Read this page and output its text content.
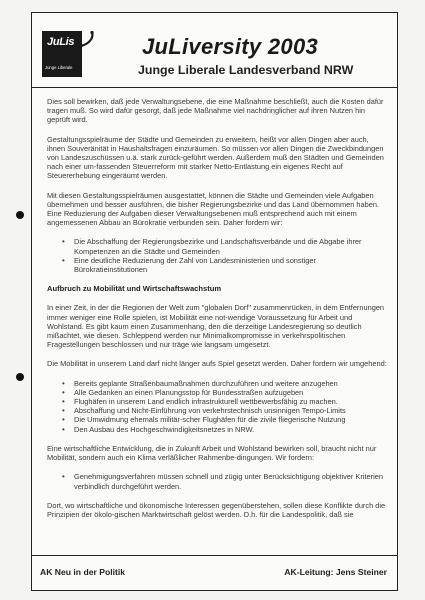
JuLis
Junge Liberale
JuLiversity 2003
Junge Liberale Landesverband NRW

Dies soll bewirken, daß jede Verwaltungsebene, die eine Maßnahme beschließt, auch die Kosten dafür tragen muß. So wird dafür gesorgt, daß jede Maßnahme viel nachdringlicher auf ihren Nutzen hin geprüft wird.

Gestaltungsspielräume der Städte und Gemeinden zu erweitern, heißt vor allen Dingen aber auch, ihnen Souveränität in Haushaltsfragen einzuräumen. So müssen vor allen Dingen die Zweckbindungen von Landeszuschüssen u.ä. stark zurück-geführt werden. Außerdem muß den Städten und Gemeinden nach einer um-fassenden Steuerreform mit starker Netto-Entlastung ein eigenes Recht auf Steuererhebung eingeräumt werden.

Mit diesen Gestaltungsspielräumen ausgestattet, können die Städte und Gemeinden viele Aufgaben übernehmen und besser ausführen, die bisher Regierungsbezirke und das Land übernommen haben. Eine Reduzierung der Aufgaben dieser Verwaltungsebenen muß entsprechend auch mit einem angemessenen Abbau an Bürokratie verbunden sein. Daher fordern wir:

• Die Abschaffung der Regierungsbezirke und Landschaftsverbände und die Abgabe ihrer Kompetenzen an die Städte und Gemeinden
• Eine deutliche Reduzierung der Zahl von Landesministerien und sonstiger Bürokratieinstitutionen
Aufbruch zu Mobilität und Wirtschaftswachstum

In einer Zeit, in der die Regionen der Welt zum "globalen Dorf" zusammenrücken, in dem Entfernungen immer weniger eine Rolle spielen, ist Mobilität eine not-wendige Voraussetzung für Arbeit und Wohlstand. Es gibt kaum einen Zusammenhang, den die derzeitige Landesregierung so deutlich mißachtet, wie diesen. Schleppend werden nur Minimalkompromisse in verkehrspolitischen Fragestellungen beschlossen und nur träge wie langsam umgesetzt.

Die Mobilität in unserem Land darf nicht länger aufs Spiel gesetzt werden. Daher fordern wir umgehend:

• Bereits geplante Straßenbaumaßnahmen durchzuführen und weitere anzugehen
• Alle Gedanken an einen Planungsstop für Bundesstraßen aufzugeben
• Flughäfen in unserem Land endlich infrastrukturell wettbewerbsfähig zu machen.
• Abschaffung und Nicht-Einführung von verkehrstechnisch unsinnigen Tempo-Limits
• Die Umwidmung ehemals militär-scher Flughäfen für die zivile fliegerische Nutzung
• Den Ausbau des Hochgeschwindigkeitsnetzes in NRW.

Eine wirtschaftliche Entwicklung, die in Zukunft Arbeit und Wohlstand bewirken soll, braucht nicht nur Mobilität, sondern auch ein Klima verläßlicher Rahmenbe-dingungen. Wir fordern:

• Genehmigungsverfahren müssen schnell und zügig unter Berücksichtigung objektiver Kriterien verbindlich durchgeführt werden.

Dort, wo wirtschaftliche und ökonomische Interessen gegenüberstehen, sollen diese Konflikte durch die Prinzipien der ökolo-gischen Marktwirtschaft gelöst werden. D.h. für die Landespolitik, daß sie

AK Neu in der Politik	AK-Leitung: Jens Steiner
